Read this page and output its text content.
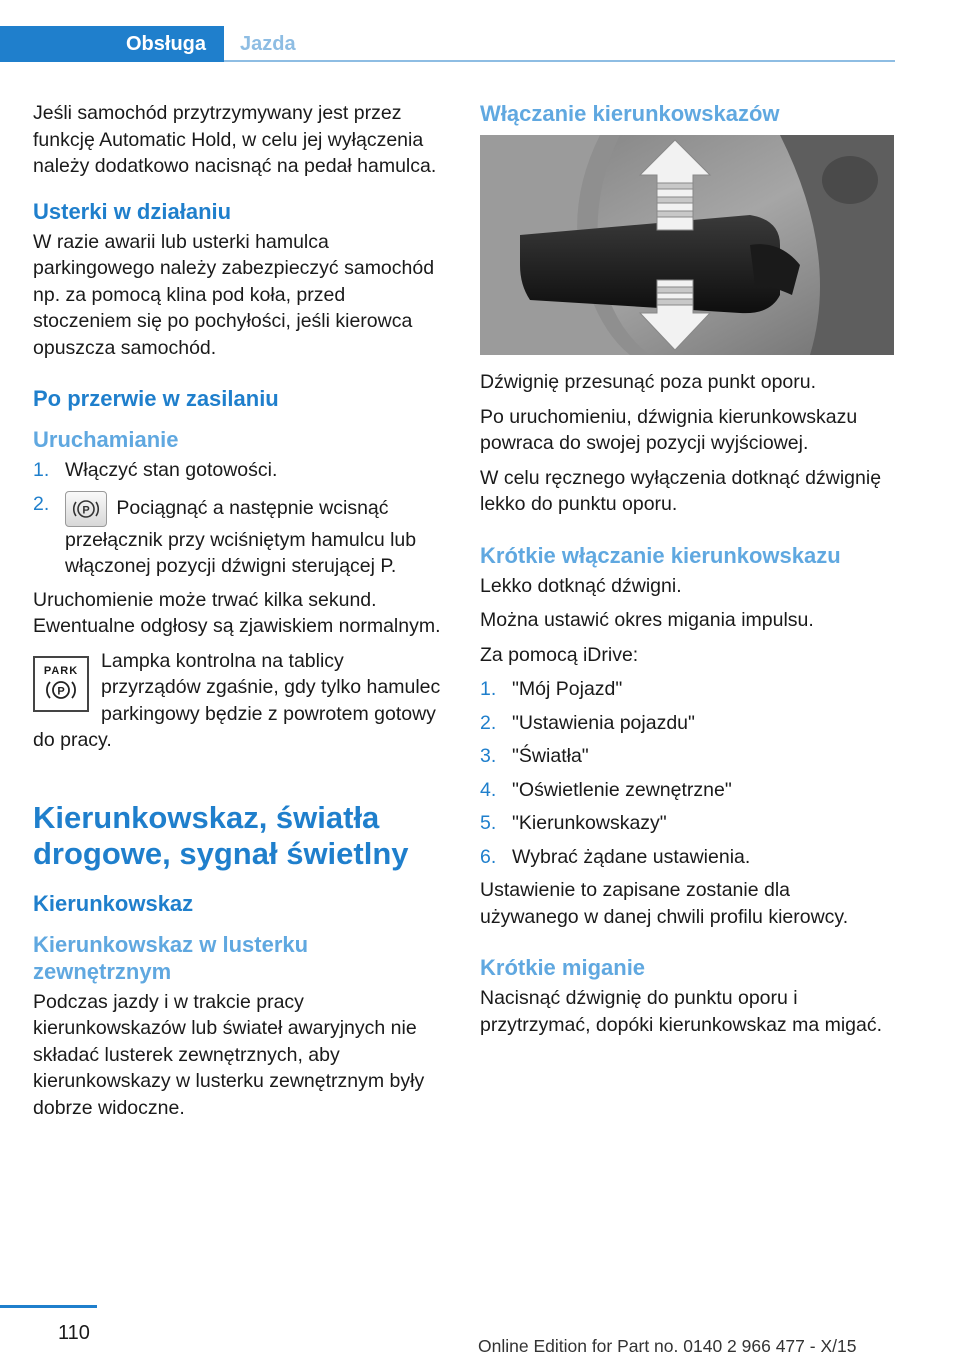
Obsługa	Jazda

Jeśli samochód przytrzymywany jest przez funkcję Automatic Hold, w celu jej wyłączenia należy dodatkowo nacisnąć na pedał hamulca.

Usterki w działaniu

W razie awarii lub usterki hamulca parkingowego należy zabezpieczyć samochód np. za pomocą klina pod koła, przed stoczeniem się po pochyłości, jeśli kierowca opuszcza samochód.

Po przerwie w zasilaniu
Uruchamianie
1. Włączyć stan gotowości.
2.	P Pociągnąć a następnie wcisnąć przełącznik przy wciśniętym hamulcu lub włączonej pozycji dźwigni sterującej P.

Uruchomienie może trwać kilka sekund. Ewentualne odgłosy są zjawiskiem normalnym.

PARK
P

Lampka kontrolna na tablicy przyrządów zgaśnie, gdy tylko hamulec parkingowy będzie z powrotem gotowy do pracy.

Kierunkowskaz, światła drogowe, sygnał świetlny
Kierunkowskaz
Kierunkowskaz w lusterku zewnętrznym

Podczas jazdy i w trakcie pracy kierunkowskazów lub świateł awaryjnych nie składać lusterek zewnętrznych, aby kierunkowskazy w lusterku zewnętrznym były dobrze widoczne.

Włączanie kierunkowskazów

Dźwignię przesunąć poza punkt oporu.

Po uruchomieniu, dźwignia kierunkowskazu powraca do swojej pozycji wyjściowej.

W celu ręcznego wyłączenia dotknąć dźwignię lekko do punktu oporu.

Krótkie włączanie kierunkowskazu

Lekko dotknąć dźwigni.

Można ustawić okres migania impulsu.

Za pomocą iDrive:

1. "Mój Pojazd"
2. "Ustawienia pojazdu"
3. "Światła"
4. "Oświetlenie zewnętrzne"
5. "Kierunkowskazy"
6. Wybrać żądane ustawienia.

Ustawienie to zapisane zostanie dla używanego w danej chwili profilu kierowcy.

Krótkie miganie

Nacisnąć dźwignię do punktu oporu i przytrzymać, dopóki kierunkowskaz ma migać.

110
Online Edition for Part no. 0140 2 966 477 - X/15
